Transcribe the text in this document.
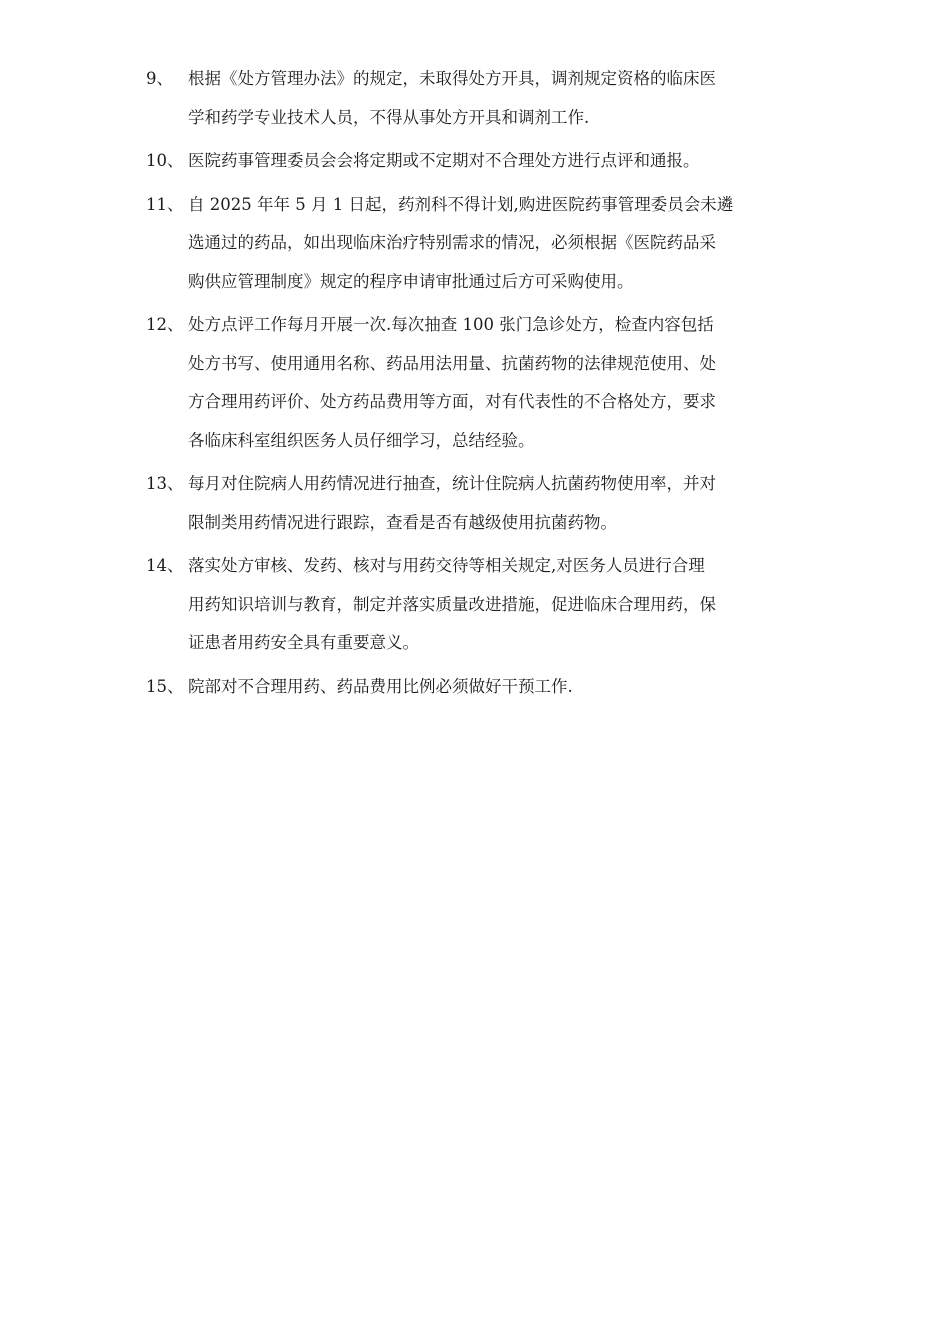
9、 根据《处方管理办法》的规定，未取得处方开具，调剂规定资格的临床医
学和药学专业技术人员，不得从事处方开具和调剂工作.
10、 医院药事管理委员会会将定期或不定期对不合理处方进行点评和通报。
11、 自 2025 年年 5 月 1 日起，药剂科不得计划,购进医院药事管理委员会未遴
选通过的药品，如出现临床治疗特别需求的情况，必须根据《医院药品采
购供应管理制度》规定的程序申请审批通过后方可采购使用。
12、 处方点评工作每月开展一次.每次抽查 100 张门急诊处方，检查内容包括
处方书写、使用通用名称、药品用法用量、抗菌药物的法律规范使用、处
方合理用药评价、处方药品费用等方面，对有代表性的不合格处方，要求
各临床科室组织医务人员仔细学习，总结经验。
13、 每月对住院病人用药情况进行抽查，统计住院病人抗菌药物使用率，并对
限制类用药情况进行跟踪，查看是否有越级使用抗菌药物。
14、 落实处方审核、发药、核对与用药交待等相关规定,对医务人员进行合理
用药知识培训与教育，制定并落实质量改进措施，促进临床合理用药，保
证患者用药安全具有重要意义。
15、 院部对不合理用药、药品费用比例必须做好干预工作.
